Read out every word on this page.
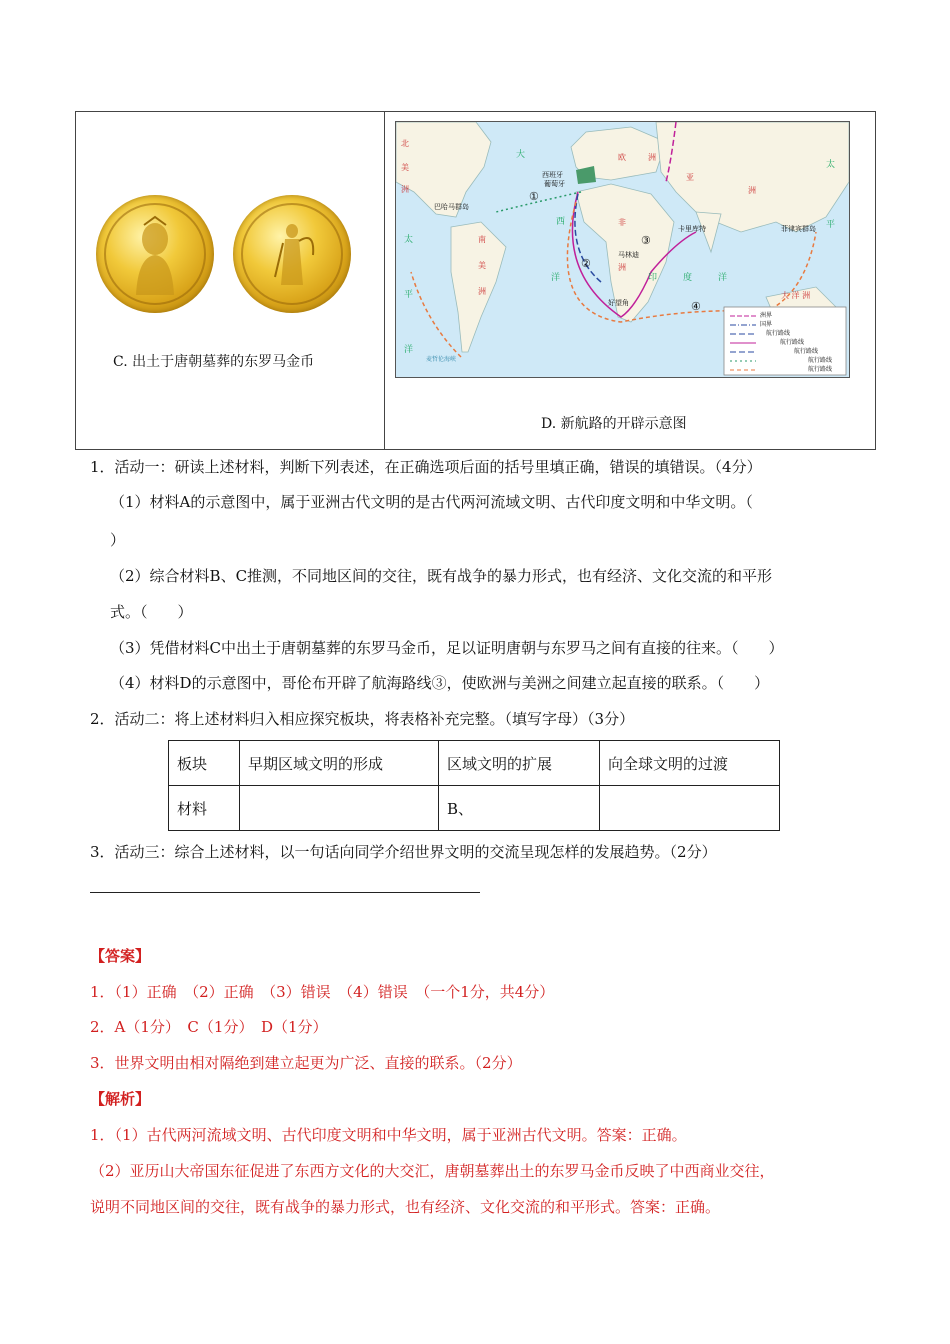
C. 出土于唐朝墓葬的东罗马金币
北
美
洲
太
平
洋
大
西
洋
南
美
洲
欧	洲
亚
洲
非
洲
印	度	洋
太
平
大 洋 洲
西班牙
葡萄牙
巴哈马群岛
卡里库特
马林迪
好望角
菲律宾群岛
麦哲伦海峡
①
②
③
④
洲界
国界
航行路线
航行路线
航行路线
航行路线
航行路线
D. 新航路的开辟示意图
1．活动一：研读上述材料，判断下列表述，在正确选项后面的括号里填正确，错误的填错误。（4分）
（1）材料A的示意图中，属于亚洲古代文明的是古代两河流域文明、古代印度文明和中华文明。（
）
（2）综合材料B、C推测，不同地区间的交往，既有战争的暴力形式，也有经济、文化交流的和平形
式。（　　）
（3）凭借材料C中出土于唐朝墓葬的东罗马金币，足以证明唐朝与东罗马之间有直接的往来。（　　）
（4）材料D的示意图中，哥伦布开辟了航海路线③，使欧洲与美洲之间建立起直接的联系。（　　）
2．活动二：将上述材料归入相应探究板块，将表格补充完整。（填写字母）（3分）
板块	早期区域文明的形成	区域文明的扩展	向全球文明的过渡
材料		B、	
3．活动三：综合上述材料，以一句话向同学介绍世界文明的交流呈现怎样的发展趋势。（2分）
【答案】
1．（1）正确　（2）正确　（3）错误　（4）错误　（一个1分，共4分）
2．A（1分）　C（1分）　D（1分）
3．世界文明由相对隔绝到建立起更为广泛、直接的联系。（2分）
【解析】
1．（1）古代两河流域文明、古代印度文明和中华文明，属于亚洲古代文明。答案：正确。
（2）亚历山大帝国东征促进了东西方文化的大交汇，唐朝墓葬出土的东罗马金币反映了中西商业交往，
说明不同地区间的交往，既有战争的暴力形式，也有经济、文化交流的和平形式。答案：正确。
